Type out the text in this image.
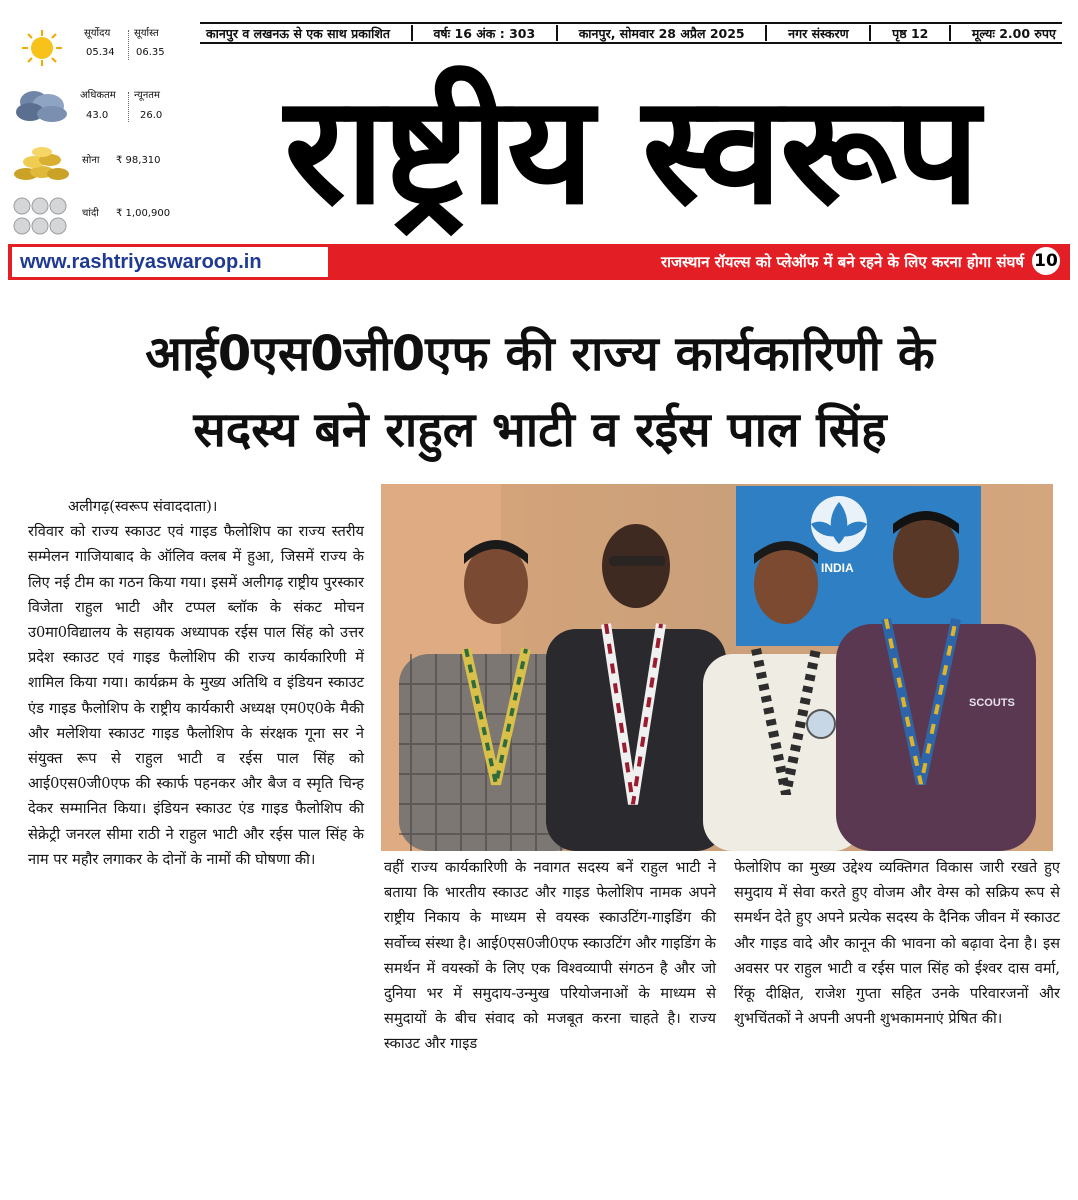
सूर्योदय
05.34
सूर्यास्त
06.35
अधिकतम
43.0
न्यूनतम
26.0
सोना ₹ 98,310
चांदी ₹ 1,00,900
कानपुर व लखनऊ से एक साथ प्रकाशित	वर्षः 16 अंक : 303	कानपुर, सोमवार 28 अप्रैल 2025	नगर संस्करण	पृष्ठ 12	मूल्यः 2.00 रुपए
राष्ट्रीय स्वरूप
www.rashtriyaswaroop.in	राजस्थान रॉयल्स को प्लेऑफ में बने रहने के लिए करना होगा संघर्ष 10
आई0एस0जी0एफ की राज्य कार्यकारिणी के
सदस्य बने राहुल भाटी व रईस पाल सिंह
अलीगढ़(स्वरूप संवाददाता)।
रविवार को राज्य स्काउट एवं गाइड फैलोशिप का राज्य स्तरीय सम्मेलन गाजियाबाद के ऑलिव क्लब में हुआ, जिसमें राज्य के लिए नई टीम का गठन किया गया। इसमें अलीगढ़ राष्ट्रीय पुरस्कार विजेता राहुल भाटी और टप्पल ब्लॉक के संकट मोचन उ0मा0विद्यालय के सहायक अध्यापक रईस पाल सिंह को उत्तर प्रदेश स्काउट एवं गाइड फैलोशिप की राज्य कार्यकारिणी में शामिल किया गया। कार्यक्रम के मुख्य अतिथि व इंडियन स्काउट एंड गाइड फैलोशिप के राष्ट्रीय कार्यकारी अध्यक्ष एम0ए0के मैकी और मलेशिया स्काउट गाइड फैलोशिप के संरक्षक गूना सर ने संयुक्त रूप से राहुल भाटी व रईस पाल सिंह को आई0एस0जी0एफ की स्कार्फ पहनकर और बैज व स्मृति चिन्ह देकर सम्मानित किया। इंडियन स्काउट एंड गाइड फैलोशिप की सेक्रेट्री जनरल सीमा राठी ने राहुल भाटी और रईस पाल सिंह के नाम पर महौर लगाकर के दोनों के नामों की घोषणा की।	वहीं राज्य कार्यकारिणी के नवागत सदस्य बनें राहुल भाटी ने बताया कि भारतीय स्काउट और गाइड फेलोशिप नामक अपने राष्ट्रीय निकाय के माध्यम से वयस्क स्काउटिंग-गाइडिंग की सर्वोच्च संस्था है। आई0एस0जी0एफ स्काउटिंग और गाइडिंग के समर्थन में वयस्कों के लिए एक विश्वव्यापी संगठन है और जो दुनिया भर में समुदाय-उन्मुख परियोजनाओं के माध्यम से समुदायों के बीच संवाद को मजबूत करना चाहते है। राज्य स्काउट और गाइड
फेलोशिप का मुख्य उद्देश्य व्यक्तिगत विकास जारी रखते हुए समुदाय में सेवा करते हुए वोजम और वेग्स को सक्रिय रूप से समर्थन देते हुए अपने प्रत्येक सदस्य के दैनिक जीवन में स्काउट और गाइड वादे और कानून की भावना को बढ़ावा देना है। इस अवसर पर राहुल भाटी व रईस पाल सिंह को ईश्वर दास वर्मा, रिंकू दीक्षित, राजेश गुप्ता सहित उनके परिवारजनों और शुभचिंतकों ने अपनी अपनी शुभकामनाएं प्रेषित की।
INDIA
SCOUTS
